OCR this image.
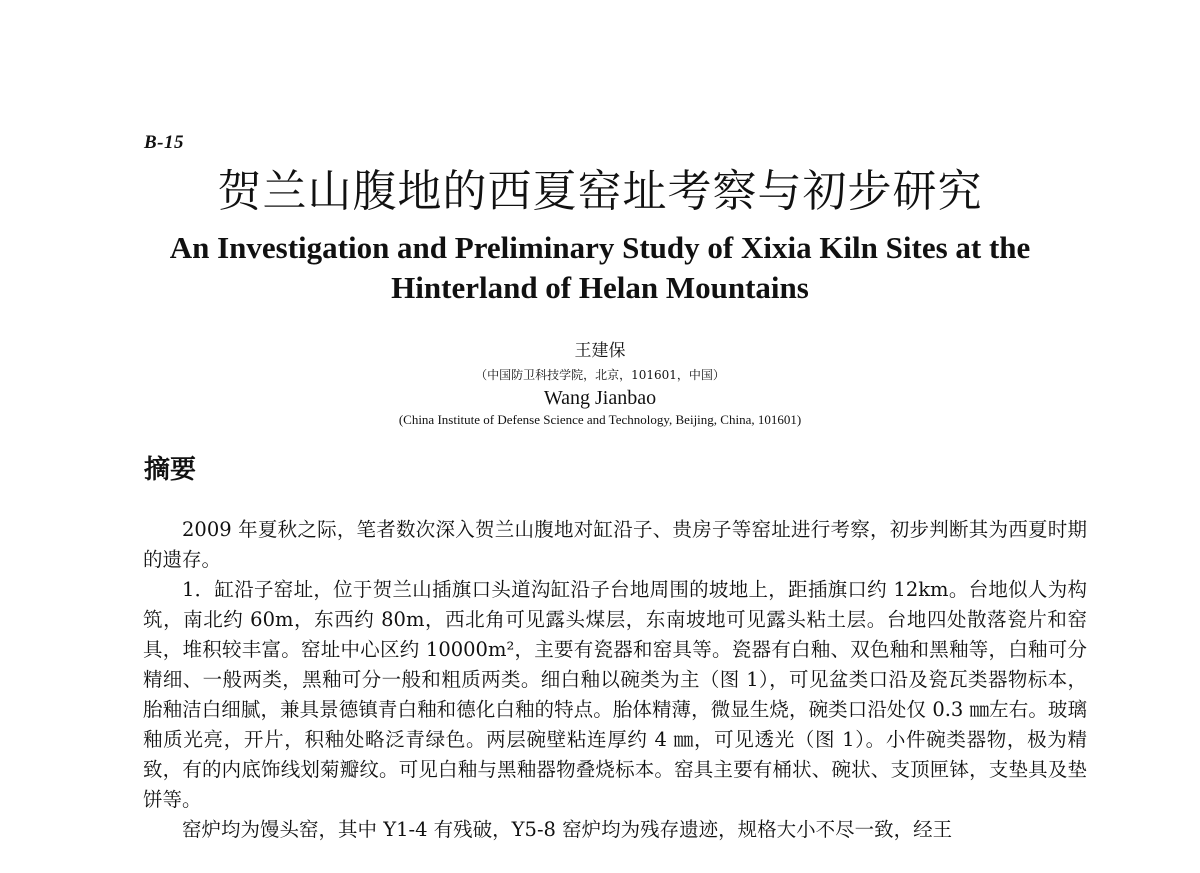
B-15
贺兰山腹地的西夏窑址考察与初步研究
An Investigation and Preliminary Study of Xixia Kiln Sites at the Hinterland of Helan Mountains
王建保
（中国防卫科技学院，北京，101601，中国）
Wang Jianbao
(China Institute of Defense Science and Technology, Beijing, China, 101601)
摘要

2009 年夏秋之际，笔者数次深入贺兰山腹地对缸沿子、贵房子等窑址进行考察，初步判断其为西夏时期的遗存。

1．缸沿子窑址，位于贺兰山插旗口头道沟缸沿子台地周围的坡地上，距插旗口约 12km。台地似人为构筑，南北约 60m，东西约 80m，西北角可见露头煤层，东南坡地可见露头粘土层。台地四处散落瓷片和窑具，堆积较丰富。窑址中心区约 10000m²，主要有瓷器和窑具等。瓷器有白釉、双色釉和黑釉等，白釉可分精细、一般两类，黑釉可分一般和粗质两类。细白釉以碗类为主（图 1），可见盆类口沿及瓷瓦类器物标本，胎釉洁白细腻，兼具景德镇青白釉和德化白釉的特点。胎体精薄，微显生烧，碗类口沿处仅 0.3 ㎜左右。玻璃釉质光亮，开片，积釉处略泛青绿色。两层碗壁粘连厚约 4 ㎜，可见透光（图 1）。小件碗类器物，极为精致，有的内底饰线划菊瓣纹。可见白釉与黑釉器物叠烧标本。窑具主要有桶状、碗状、支顶匣钵，支垫具及垫饼等。

窑炉均为馒头窑，其中 Y1-4 有残破，Y5-8 窑炉均为残存遗迹，规格大小不尽一致，经王
